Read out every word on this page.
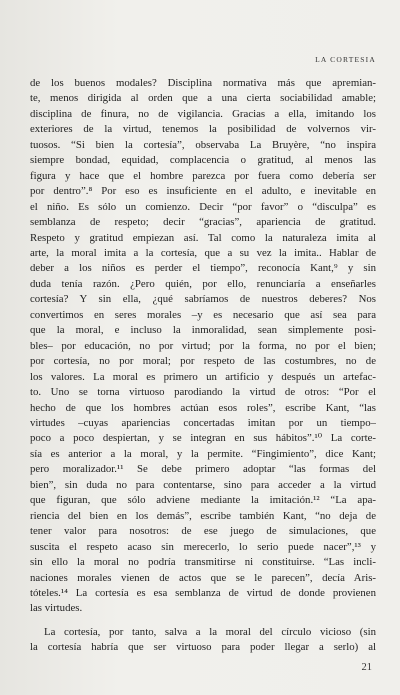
LA CORTESIA
de los buenos modales? Disciplina normativa más que apremian-
te, menos dirigida al orden que a una cierta sociabilidad amable;
disciplina de finura, no de vigilancia. Gracias a ella, imitando los
exteriores de la virtud, tenemos la posibilidad de volvernos vir-
tuosos. “Si bien la cortesía”, observaba La Bruyère, “no inspira
siempre bondad, equidad, complacencia o gratitud, al menos las
figura y hace que el hombre parezca por fuera como debería ser
por dentro”.⁸ Por eso es insuficiente en el adulto, e inevitable en
el niño. Es sólo un comienzo. Decir “por favor” o “disculpa” es
semblanza de respeto; decir “gracias”, apariencia de gratitud.
Respeto y gratitud empiezan así. Tal como la naturaleza imita al
arte, la moral imita a la cortesía, que a su vez la imita.. Hablar de
deber a los niños es perder el tiempo”, reconocía Kant,⁹ y sin
duda tenía razón. ¿Pero quién, por ello, renunciaría a enseñarles
cortesía? Y sin ella, ¿qué sabríamos de nuestros deberes? Nos
convertimos en seres morales –y es necesario que así sea para
que la moral, e incluso la inmoralidad, sean simplemente posi-
bles– por educación, no por virtud; por la forma, no por el bien;
por cortesía, no por moral; por respeto de las costumbres, no de
los valores. La moral es primero un artificio y después un artefac-
to. Uno se torna virtuoso parodiando la virtud de otros: “Por el
hecho de que los hombres actúan esos roles”, escribe Kant, “las
virtudes –cuyas apariencias concertadas imitan por un tiempo–
poco a poco despiertan, y se integran en sus hábitos”.¹⁰ La corte-
sía es anterior a la moral, y la permite. “Fingimiento”, dice Kant;
pero moralizador.¹¹ Se debe primero adoptar “las formas del
bien”, sin duda no para contentarse, sino para acceder a la virtud
que figuran, que sólo adviene mediante la imitación.¹² “La apa-
riencia del bien en los demás”, escribe también Kant, “no deja de
tener valor para nosotros: de ese juego de simulaciones, que
suscita el respeto acaso sin merecerlo, lo serio puede nacer”,¹³ y
sin ello la moral no podría transmitirse ni constituirse. “Las incli-
naciones morales vienen de actos que se le parecen”, decía Aris-
tóteles.¹⁴ La cortesía es esa semblanza de virtud de donde provienen
las virtudes.
La cortesía, por tanto, salva a la moral del círculo vicioso (sin
la cortesía habría que ser virtuoso para poder llegar a serlo) al
21
